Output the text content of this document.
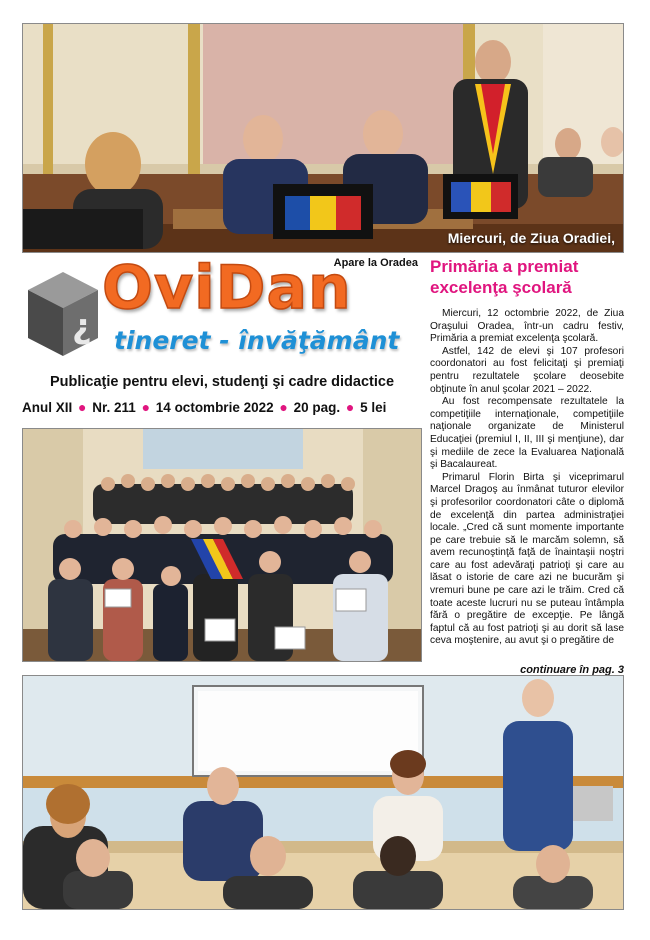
Miercuri, de Ziua Oradiei,
Apare la Oradea
¿
OviDan
tineret - învăţământ
Publicaţie pentru elevi, studenţi şi cadre didactice
Anul XII ● Nr. 211 ● 14 octombrie 2022 ● 20 pag. ● 5 lei
Primăria a premiat excelenţa şcolară

Miercuri, 12 octombrie 2022, de Ziua Oraşului Oradea, într-un cadru festiv, Primăria a premiat excelenţa şcolară.

Astfel, 142 de elevi şi 107 profesori coordonatori au fost felicitaţi şi premiaţi pentru rezultatele şcolare deosebite obţinute în anul şcolar 2021 – 2022.

Au fost recompensate rezultatele la competiţiile internaţionale, competiţiile naţionale organizate de Ministerul Educaţiei (premiul I, II, III şi menţiune), dar şi mediile de zece la Evaluarea Naţională şi Bacalaureat.

Primarul Florin Birta şi viceprimarul Marcel Dragoş au înmânat tuturor elevilor şi profesorilor coordonatori câte o diplomă de excelenţă din partea administraţiei locale. „Cred că sunt momente importante pe care trebuie să le marcăm solemn, să avem recunoştinţă faţă de înaintaşii noştri care au fost adevăraţi patrioţi şi care au lăsat o istorie de care azi ne bucurăm şi vremuri bune pe care azi le trăim. Cred că toate aceste lucruri nu se puteau întâmpla fără o pregătire de excepţie. Pe lângă faptul că au fost patrioţi şi au dorit să lase ceva moştenire, au avut şi o pregătire de

continuare în pag. 3
